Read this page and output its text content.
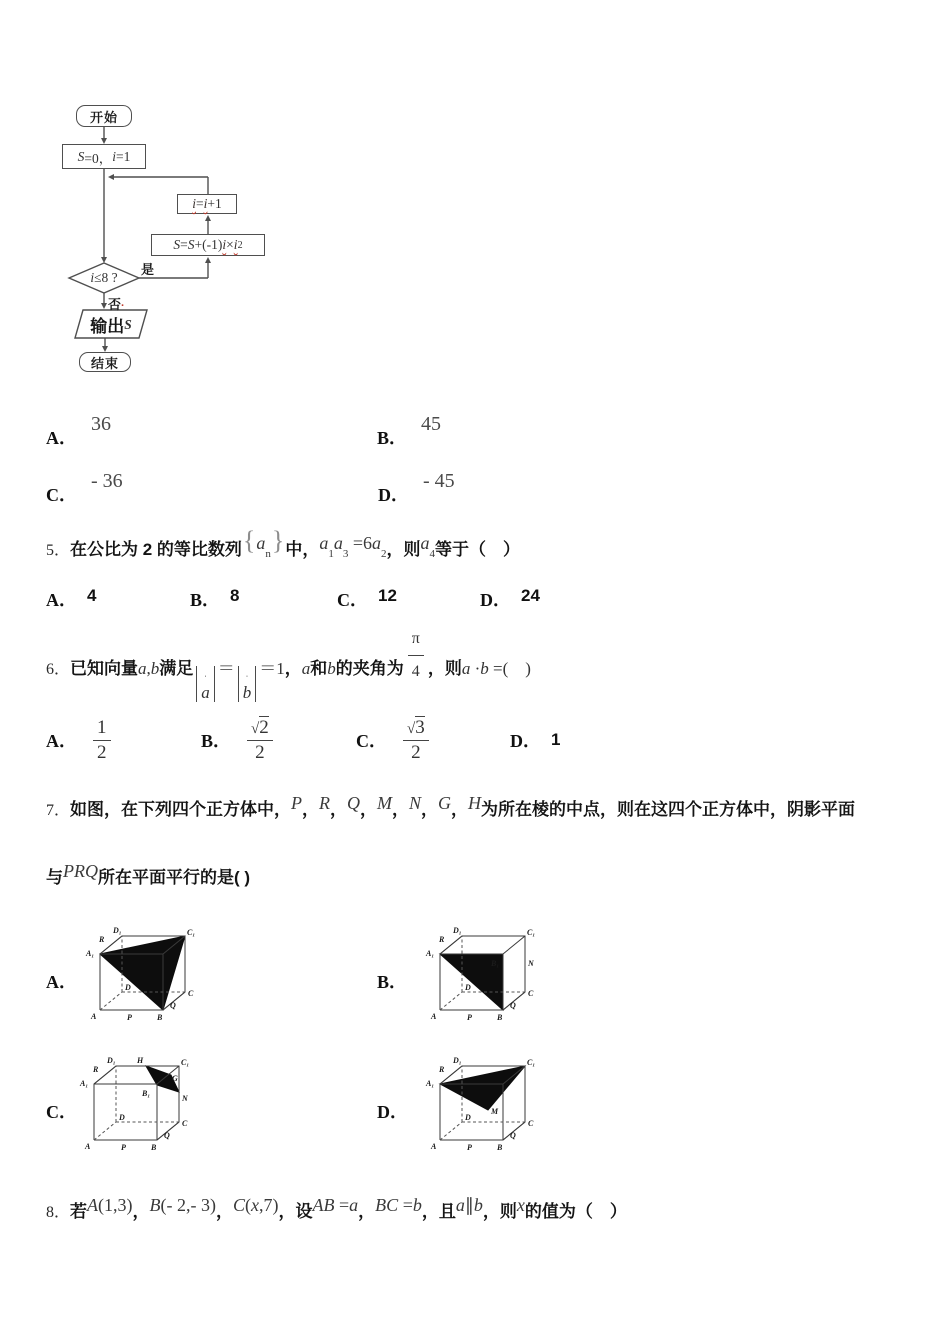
开始
S =0， i =1
i = i +1
S = S +(-1) i × i 2
i ≤8 ?
是
否·
输出 S
结束
A．
36
B．
45
C．
- 36
D．
- 45
5．在公比为 2 的等比数列{an}中，a1a3 =6a2，则a4等于（　）
A． 4	B． 8	C． 12	D． 24
6．已知向量a,b满足
ˈ
a
＝
ˈ
b
＝1，a和b的夹角为 $\frac{\pi}{4}$ ，则a ·b =(　)
A． $\frac{1}{2}$	B． $\frac{√2}{2}$	C． $\frac{√3}{2}$	D． 1
7．如图，在下列四个正方体中，P，R，Q，M，N，G，H为所在棱的中点，则在这四个正方体中，阴影平面
与PRQ所在平面平行的是( )
A．	B．
C．	D．
D₁	C₁
A₁
R
D
A	P	B
Q
C
D₁	C₁
A₁
R
B₁	N
D
A	P	B
Q
C
D₁	H	C₁
A₁
R
G
B₁
N
D
A	P	B
Q
C
D₁	C₁
A₁
R
M
D
A	P	B
Q
C
8．若A(1,3)，B(- 2,- 3)，C(x,7)，设AB =a，BC =b，且a∥b，则x的值为（　）
